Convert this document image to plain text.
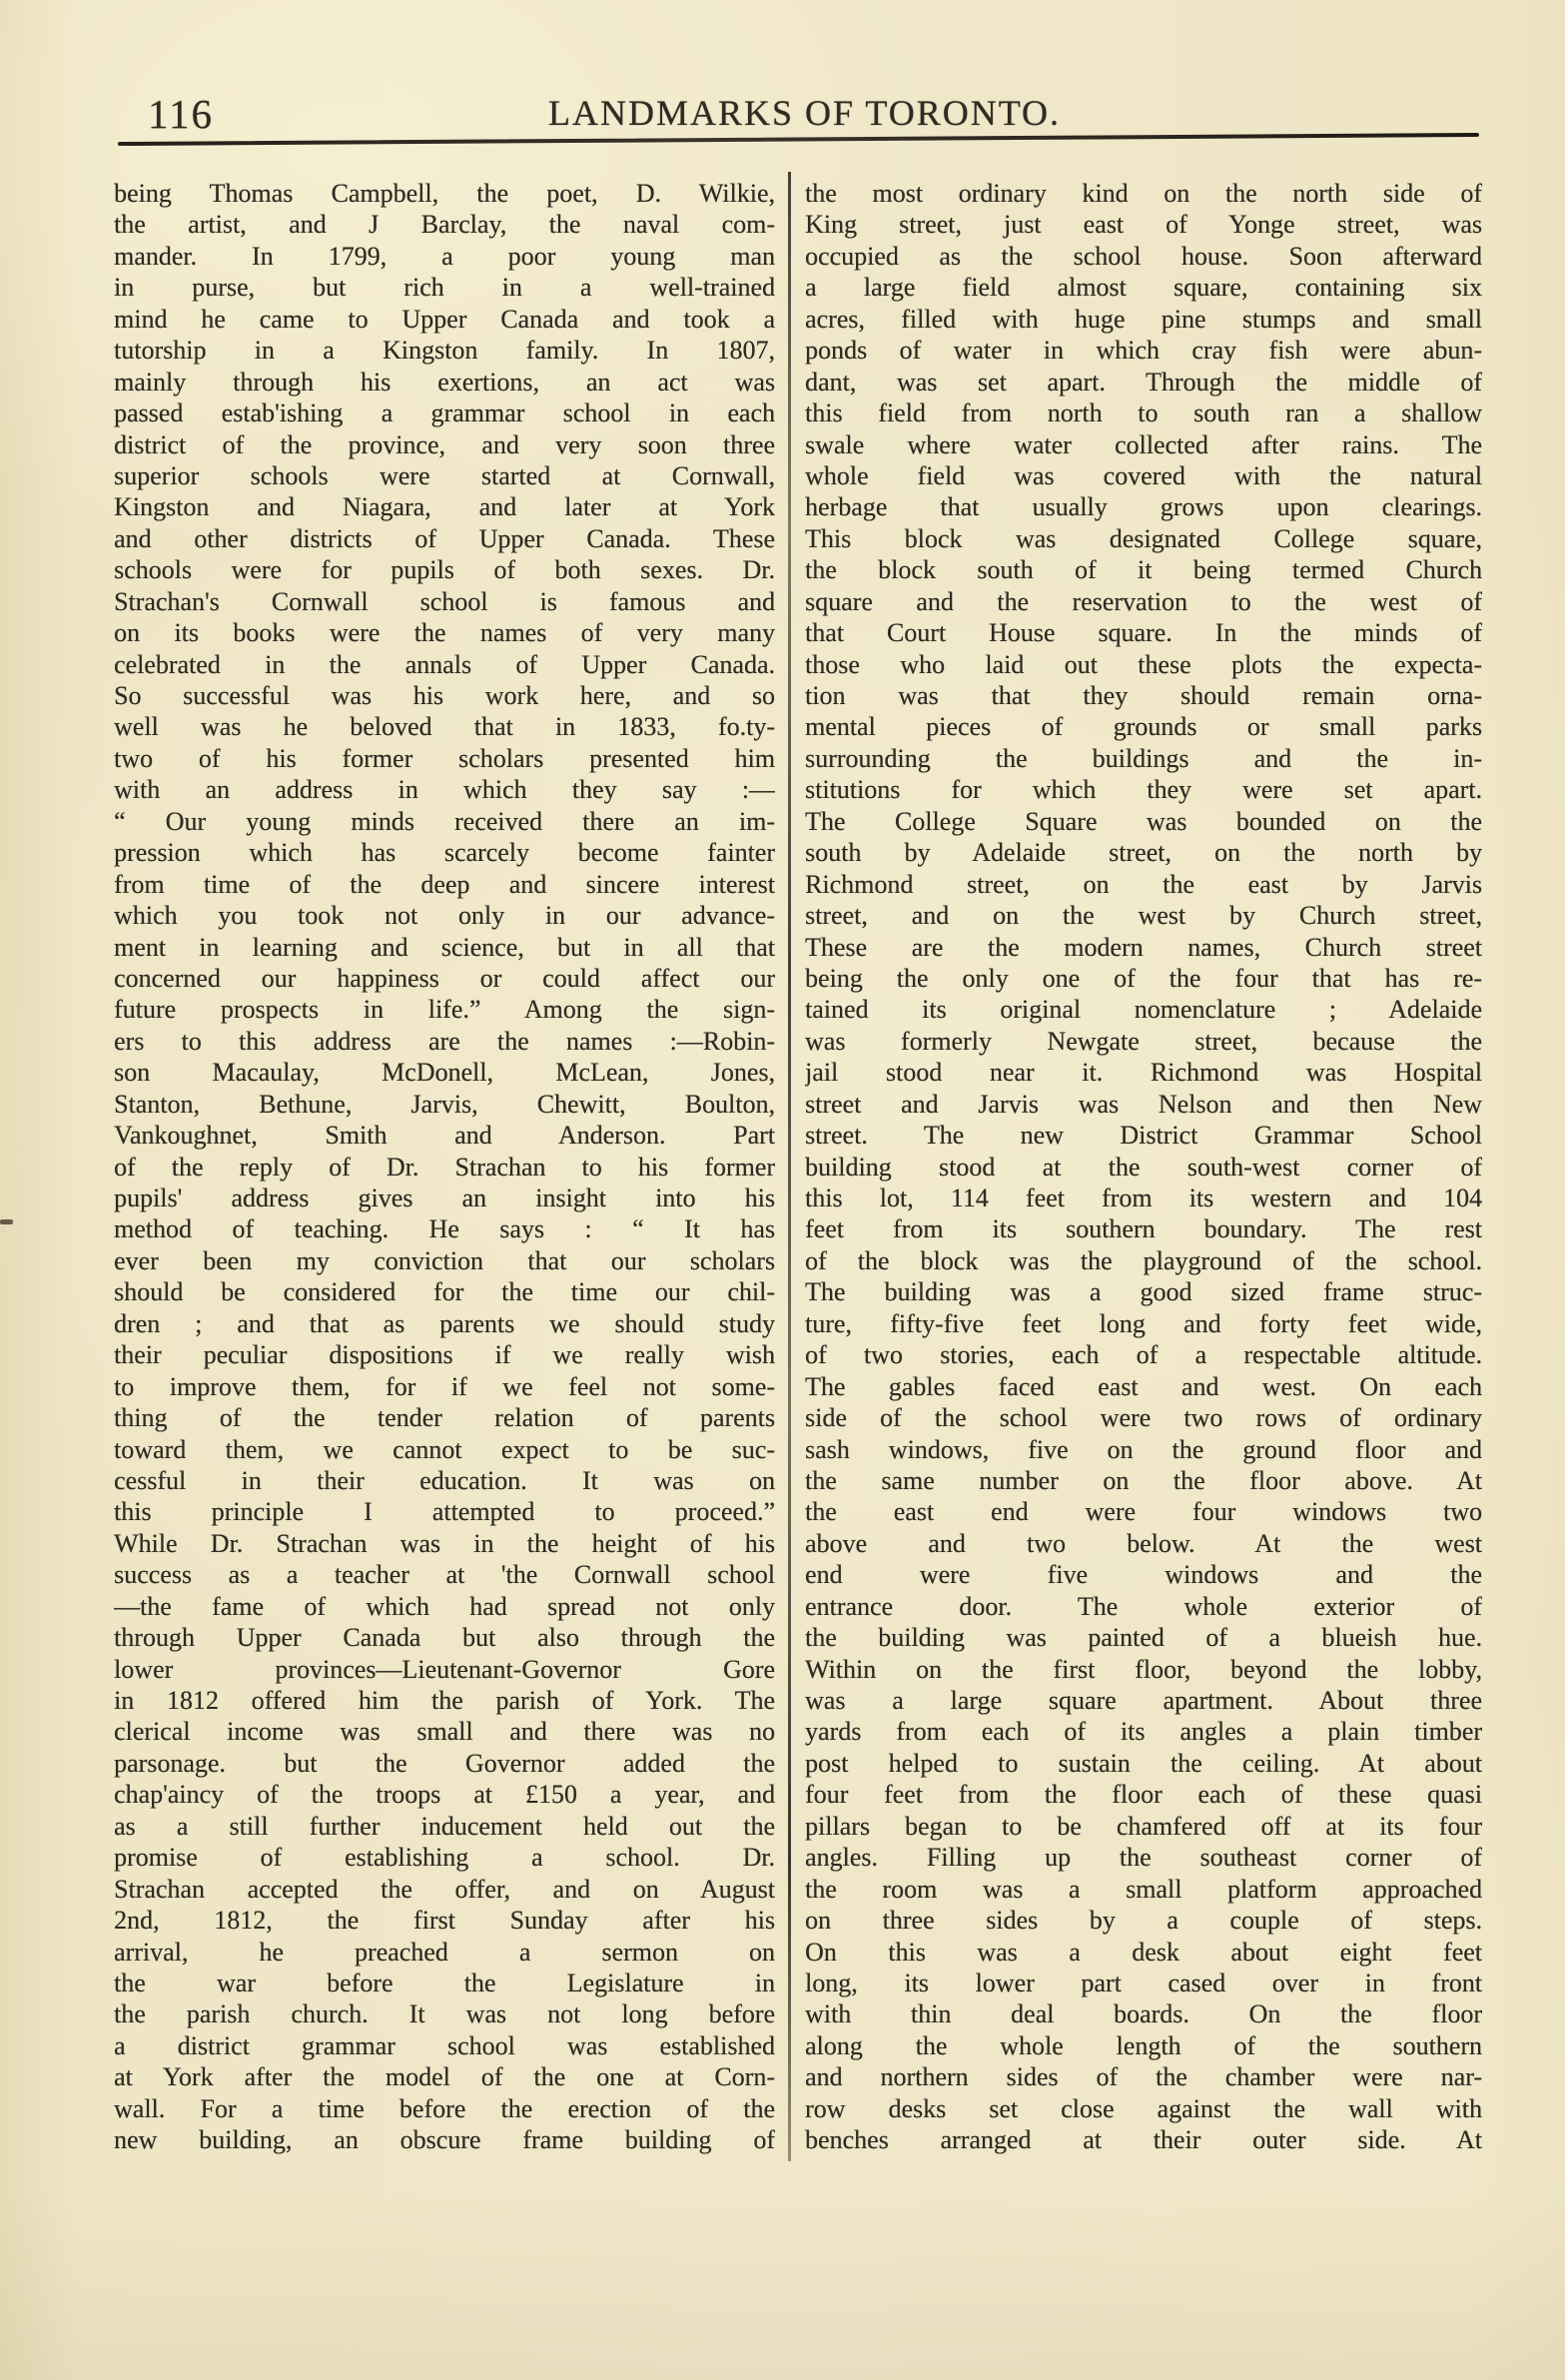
116	LANDMARKS OF TORONTO.
being Thomas Campbell, the poet, D. Wilkie,
the artist, and J Barclay, the naval com-
mander. In 1799, a poor young man
in purse, but rich in a well-trained
mind he came to Upper Canada and took a
tutorship in a Kingston family. In 1807,
mainly through his exertions, an act was
passed estab'ishing a grammar school in each
district of the province, and very soon three
superior schools were started at Cornwall,
Kingston and Niagara, and later at York
and other districts of Upper Canada. These
schools were for pupils of both sexes. Dr.
Strachan's Cornwall school is famous and
on its books were the names of very many
celebrated in the annals of Upper Canada.
So successful was his work here, and so
well was he beloved that in 1833, fo.ty-
two of his former scholars presented him
with an address in which they say :—
“ Our young minds received there an im-
pression which has scarcely become fainter
from time of the deep and sincere interest
which you took not only in our advance-
ment in learning and science, but in all that
concerned our happiness or could affect our
future prospects in life.” Among the sign-
ers to this address are the names :—Robin-
son Macaulay, McDonell, McLean, Jones,
Stanton, Bethune, Jarvis, Chewitt, Boulton,
Vankoughnet, Smith and Anderson. Part
of the reply of Dr. Strachan to his former
pupils' address gives an insight into his
method of teaching. He says : “ It has
ever been my conviction that our scholars
should be considered for the time our chil-
dren ; and that as parents we should study
their peculiar dispositions if we really wish
to improve them, for if we feel not some-
thing of the tender relation of parents
toward them, we cannot expect to be suc-
cessful in their education. It was on
this principle I attempted to proceed.”
While Dr. Strachan was in the height of his
success as a teacher at 'the Cornwall school
—the fame of which had spread not only
through Upper Canada but also through the
lower provinces—Lieutenant-Governor Gore
in 1812 offered him the parish of York. The
clerical income was small and there was no
parsonage. but the Governor added the
chap'aincy of the troops at £150 a year, and
as a still further inducement held out the
promise of establishing a school. Dr.
Strachan accepted the offer, and on August
2nd, 1812, the first Sunday after his
arrival, he preached a sermon on
the war before the Legislature in
the parish church. It was not long before
a district grammar school was established
at York after the model of the one at Corn-
wall. For a time before the erection of the
new building, an obscure frame building of
the most ordinary kind on the north side of
King street, just east of Yonge street, was
occupied as the school house. Soon afterward
a large field almost square, containing six
acres, filled with huge pine stumps and small
ponds of water in which cray fish were abun-
dant, was set apart. Through the middle of
this field from north to south ran a shallow
swale where water collected after rains. The
whole field was covered with the natural
herbage that usually grows upon clearings.
This block was designated College square,
the block south of it being termed Church
square and the reservation to the west of
that Court House square. In the minds of
those who laid out these plots the expecta-
tion was that they should remain orna-
mental pieces of grounds or small parks
surrounding the buildings and the in-
stitutions for which they were set apart.
The College Square was bounded on the
south by Adelaide street, on the north by
Richmond street, on the east by Jarvis
street, and on the west by Church street,
These are the modern names, Church street
being the only one of the four that has re-
tained its original nomenclature ; Adelaide
was formerly Newgate street, because the
jail stood near it. Richmond was Hospital
street and Jarvis was Nelson and then New
street. The new District Grammar School
building stood at the south-west corner of
this lot, 114 feet from its western and 104
feet from its southern boundary. The rest
of the block was the playground of the school.
The building was a good sized frame struc-
ture, fifty-five feet long and forty feet wide,
of two stories, each of a respectable altitude.
The gables faced east and west. On each
side of the school were two rows of ordinary
sash windows, five on the ground floor and
the same number on the floor above. At
the east end were four windows two
above and two below. At the west
end were five windows and the
entrance door. The whole exterior of
the building was painted of a blueish hue.
Within on the first floor, beyond the lobby,
was a large square apartment. About three
yards from each of its angles a plain timber
post helped to sustain the ceiling. At about
four feet from the floor each of these quasi
pillars began to be chamfered off at its four
angles. Filling up the southeast corner of
the room was a small platform approached
on three sides by a couple of steps.
On this was a desk about eight feet
long, its lower part cased over in front
with thin deal boards. On the floor
along the whole length of the southern
and northern sides of the chamber were nar-
row desks set close against the wall with
benches arranged at their outer side. At
